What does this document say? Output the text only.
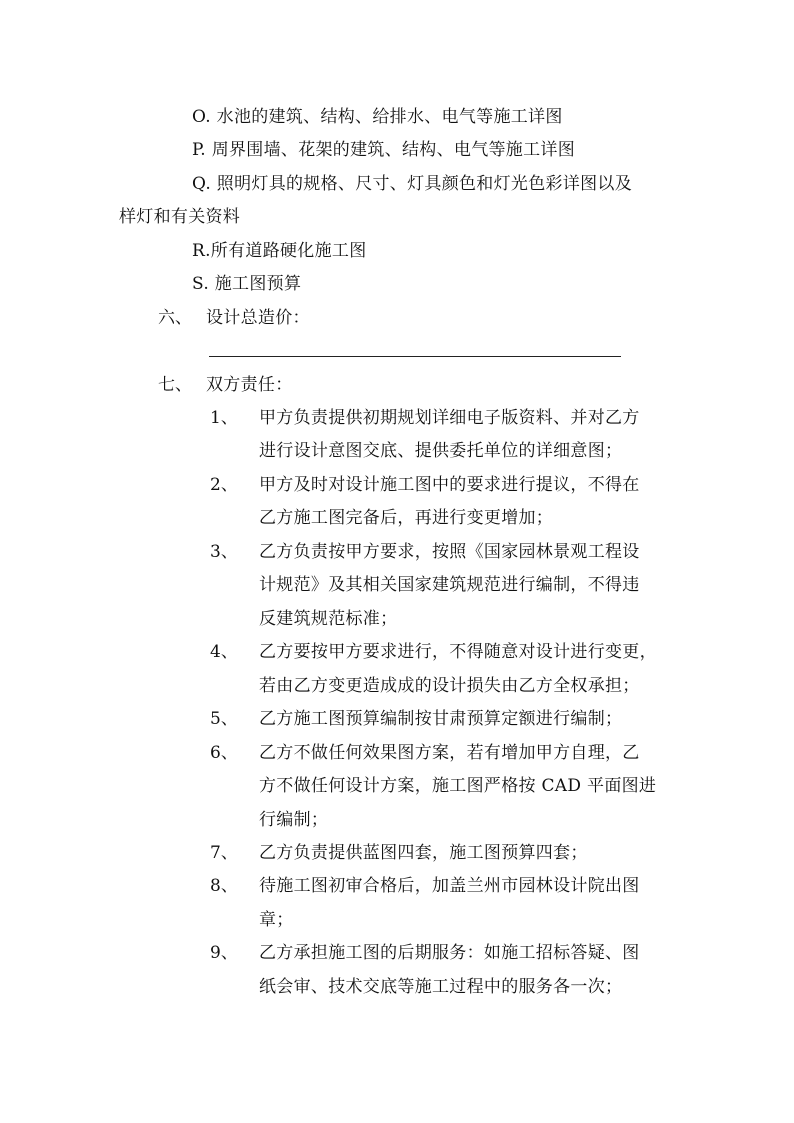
O. 水池的建筑、结构、给排水、电气等施工详图
P. 周界围墙、花架的建筑、结构、电气等施工详图
Q. 照明灯具的规格、尺寸、灯具颜色和灯光色彩详图以及
样灯和有关资料
R.所有道路硬化施工图
S. 施工图预算
六、 设计总造价：
七、 双方责任：
1、 甲方负责提供初期规划详细电子版资料、并对乙方
进行设计意图交底、提供委托单位的详细意图；
2、 甲方及时对设计施工图中的要求进行提议，不得在
乙方施工图完备后，再进行变更增加；
3、 乙方负责按甲方要求，按照《国家园林景观工程设
计规范》及其相关国家建筑规范进行编制，不得违
反建筑规范标准；
4、 乙方要按甲方要求进行，不得随意对设计进行变更，
若由乙方变更造成成的设计损失由乙方全权承担；
5、 乙方施工图预算编制按甘肃预算定额进行编制；
6、 乙方不做任何效果图方案，若有增加甲方自理，乙
方不做任何设计方案，施工图严格按 CAD 平面图进
行编制；
7、 乙方负责提供蓝图四套，施工图预算四套；
8、 待施工图初审合格后，加盖兰州市园林设计院出图
章；
9、 乙方承担施工图的后期服务：如施工招标答疑、图
纸会审、技术交底等施工过程中的服务各一次；
